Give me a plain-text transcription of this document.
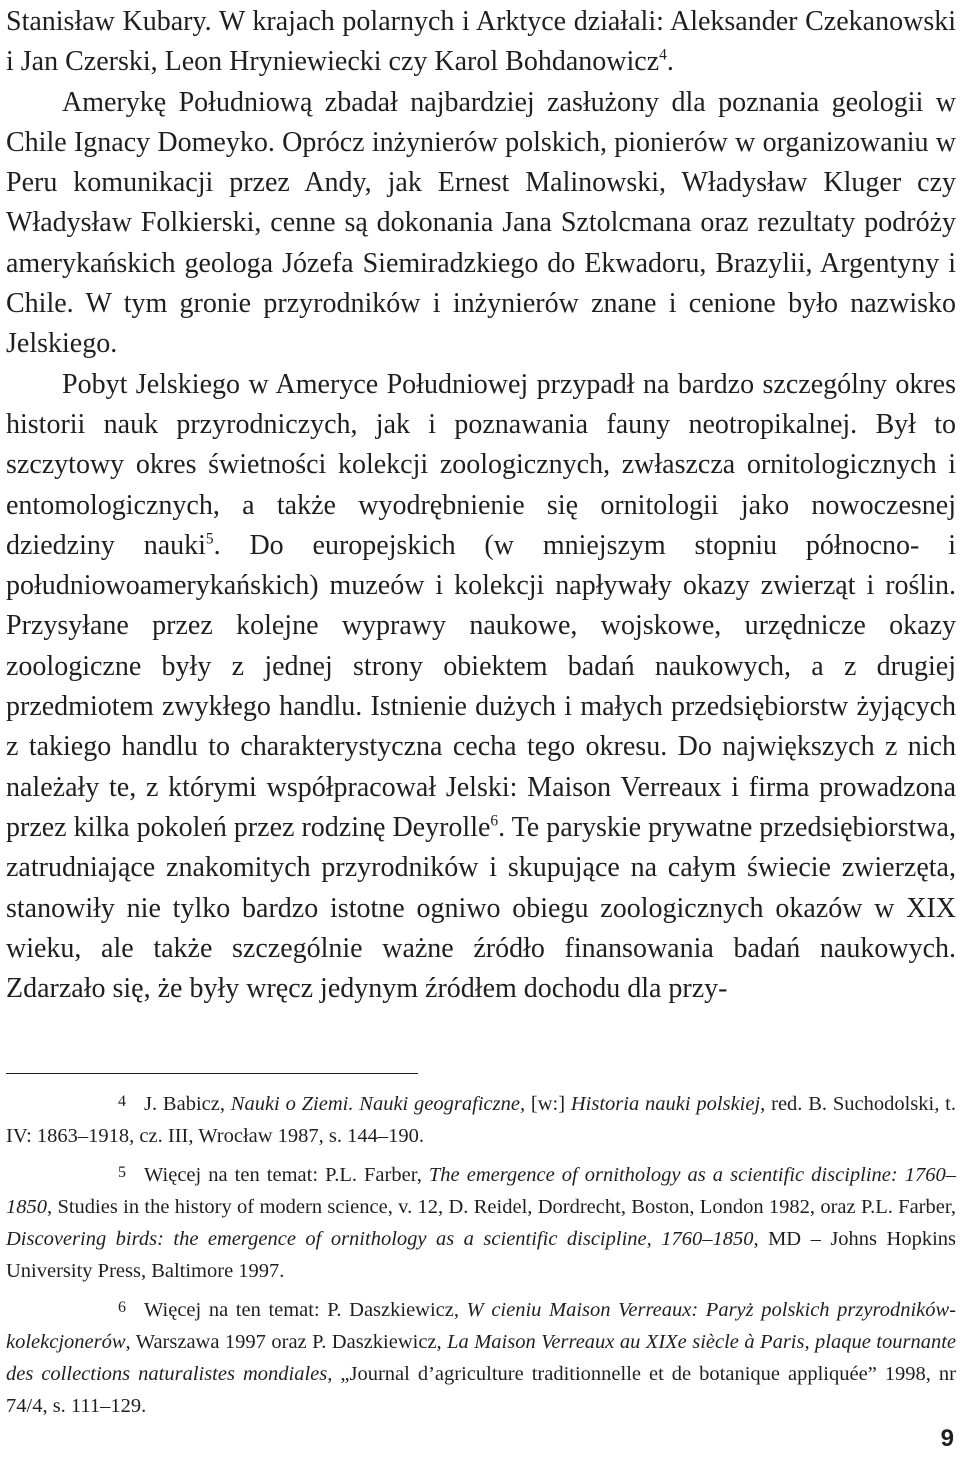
Stanisław Kubary. W krajach polarnych i Arktyce działali: Aleksander Czekanowski i Jan Czerski, Leon Hryniewiecki czy Karol Bohdanowicz$^4$.

Amerykę Południową zbadał najbardziej zasłużony dla poznania geologii w Chile Ignacy Domeyko. Oprócz inżynierów polskich, pionierów w organizowaniu w Peru komunikacji przez Andy, jak Ernest Malinowski, Władysław Kluger czy Władysław Folkierski, cenne są dokonania Jana Sztolcmana oraz rezultaty podróży amerykańskich geologa Józefa Siemiradzkiego do Ekwadoru, Brazylii, Argentyny i Chile. W tym gronie przyrodników i inżynierów znane i cenione było nazwisko Jelskiego.

Pobyt Jelskiego w Ameryce Południowej przypadł na bardzo szczególny okres historii nauk przyrodniczych, jak i poznawania fauny neotropikalnej. Był to szczytowy okres świetności kolekcji zoologicznych, zwłaszcza ornitologicznych i entomologicznych, a także wyodrębnienie się ornitologii jako nowoczesnej dziedziny nauki$^5$. Do europejskich (w mniejszym stopniu północno- i południowoamerykańskich) muzeów i kolekcji napływały okazy zwierząt i roślin. Przysyłane przez kolejne wyprawy naukowe, wojskowe, urzędnicze okazy zoologiczne były z jednej strony obiektem badań naukowych, a z drugiej przedmiotem zwykłego handlu. Istnienie dużych i małych przedsiębiorstw żyjących z takiego handlu to charakterystyczna cecha tego okresu. Do największych z nich należały te, z którymi współpracował Jelski: Maison Verreaux i firma prowadzona przez kilka pokoleń przez rodzinę Deyrolle$^6$. Te paryskie prywatne przedsiębiorstwa, zatrudniające znakomitych przyrodników i skupujące na całym świecie zwierzęta, stanowiły nie tylko bardzo istotne ogniwo obiegu zoologicznych okazów w XIX wieku, ale także szczególnie ważne źródło finansowania badań naukowych. Zdarzało się, że były wręcz jedynym źródłem dochodu dla przy-

4 J. Babicz, Nauki o Ziemi. Nauki geograficzne, [w:] Historia nauki polskiej, red. B. Suchodolski, t. IV: 1863–1918, cz. III, Wrocław 1987, s. 144–190.

5 Więcej na ten temat: P.L. Farber, The emergence of ornithology as a scientific discipline: 1760–1850, Studies in the history of modern science, v. 12, D. Reidel, Dordrecht, Boston, London 1982, oraz P.L. Farber, Discovering birds: the emergence of ornithology as a scientific discipline, 1760–1850, MD – Johns Hopkins University Press, Baltimore 1997.

6 Więcej na ten temat: P. Daszkiewicz, W cieniu Maison Verreaux: Paryż polskich przyrodników-kolekcjonerów, Warszawa 1997 oraz P. Daszkiewicz, La Maison Verreaux au XIXe siècle à Paris, plaque tournante des collections naturalistes mondiales, „Journal d’agriculture traditionnelle et de botanique appliquée” 1998, nr 74/4, s. 111–129.

9
